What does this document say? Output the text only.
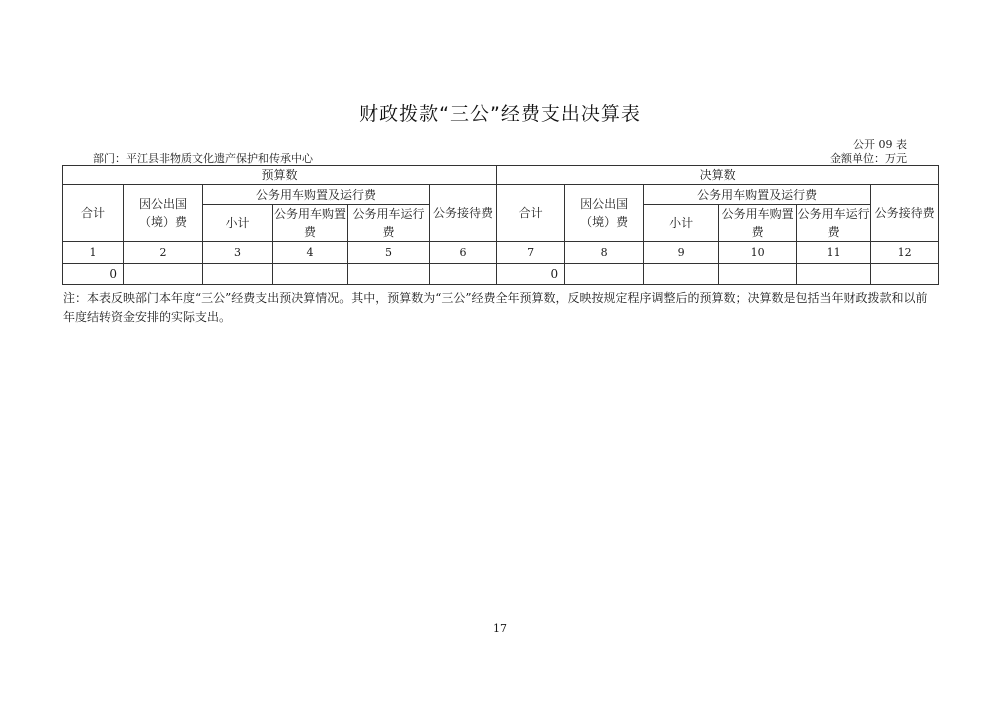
财政拨款“三公”经费支出决算表
公开 09 表
部门：平江县非物质文化遗产保护和传承中心	金额单位：万元
预算数						决算数					
合计	因公出国（境）费	公务用车购置及运行费			公务接待费	合计	因公出国（境）费	公务用车购置及运行费			公务接待费
		小计	公务用车购置费	公务用车运行费				小计	公务用车购置费	公务用车运行费	
1	2	3	4	5	6	7	8	9	10	11	12
0						0					
注：本表反映部门本年度“三公”经费支出预决算情况。其中，预算数为“三公”经费全年预算数，反映按规定程序调整后的预算数；决算数是包括当年财政拨款和以前年度结转资金安排的实际支出。
17
